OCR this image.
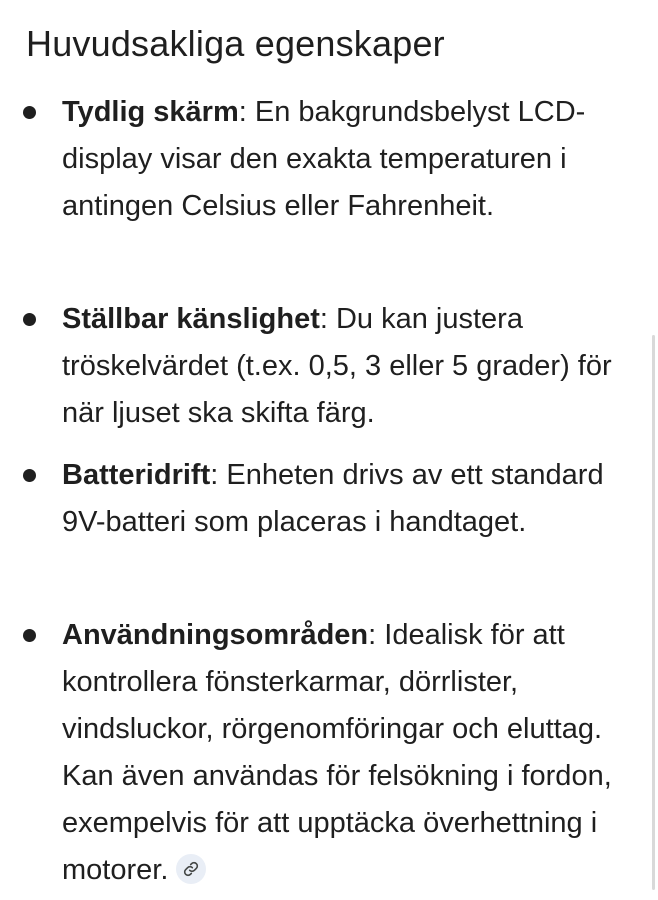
Huvudsakliga egenskaper

Tydlig skärm: En bakgrundsbelyst LCD-display visar den exakta temperaturen i antingen Celsius eller Fahrenheit.

Ställbar känslighet: Du kan justera tröskelvärdet (t.ex. 0,5, 3 eller 5 grader) för när ljuset ska skifta färg.

Batteridrift: Enheten drivs av ett standard 9V-batteri som placeras i handtaget.

Användningsområden: Idealisk för att kontrollera fönsterkarmar, dörrlister, vindsluckor, rörgenomföringar och eluttag. Kan även användas för felsökning i fordon, exempelvis för att upptäcka överhettning i motorer.
